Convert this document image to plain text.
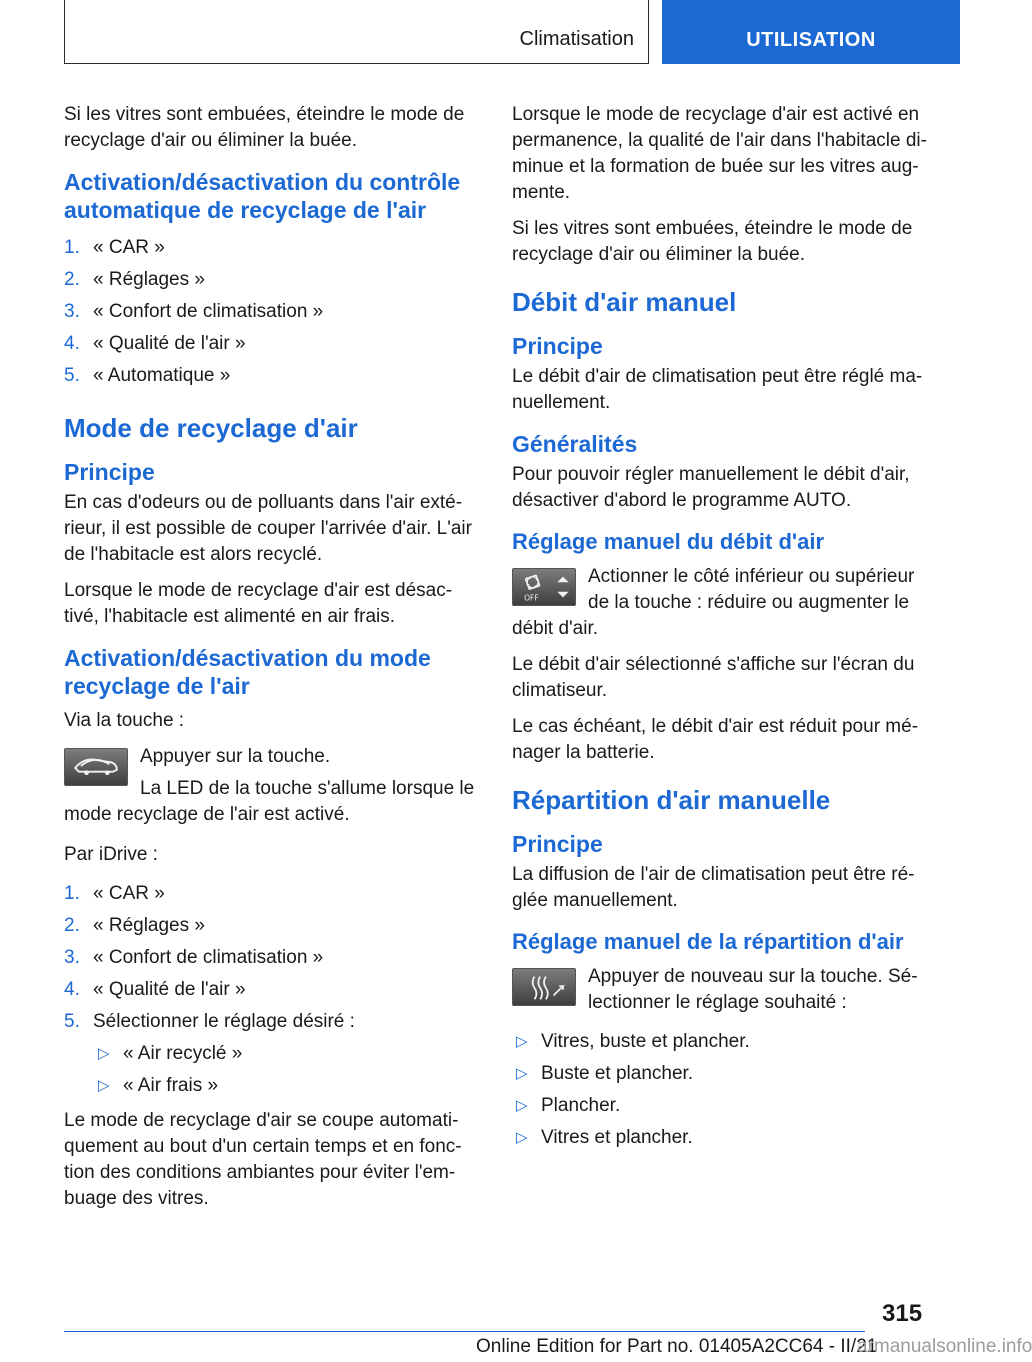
Climatisation	UTILISATION

Si les vitres sont embuées, éteindre le mode de recyclage d'air ou éliminer la buée.

Activation/désactivation du contrôle automatique de recyclage de l'air
1. « CAR »
2. « Réglages »
3. « Confort de climatisation »
4. « Qualité de l'air »
5. « Automatique »
Mode de recyclage d'air
Principe

En cas d'odeurs ou de polluants dans l'air exté-rieur, il est possible de couper l'arrivée d'air. L'air de l'habitacle est alors recyclé.

Lorsque le mode de recyclage d'air est désac-tivé, l'habitacle est alimenté en air frais.

Activation/désactivation du mode recyclage de l'air

Via la touche :

Appuyer sur la touche.

La LED de la touche s'allume lorsque le mode recyclage de l'air est activé.

Par iDrive :

1. « CAR »
2. « Réglages »
3. « Confort de climatisation »
4. « Qualité de l'air »
5. Sélectionner le réglage désiré :
▷ « Air recyclé »
▷ « Air frais »

Le mode de recyclage d'air se coupe automati-quement au bout d'un certain temps et en fonc-tion des conditions ambiantes pour éviter l'em-buage des vitres.

Lorsque le mode de recyclage d'air est activé en permanence, la qualité de l'air dans l'habitacle di-minue et la formation de buée sur les vitres aug-mente.

Si les vitres sont embuées, éteindre le mode de recyclage d'air ou éliminer la buée.

Débit d'air manuel
Principe

Le débit d'air de climatisation peut être réglé ma-nuellement.

Généralités

Pour pouvoir régler manuellement le débit d'air, désactiver d'abord le programme AUTO.

Réglage manuel du débit d'air
OFF

Actionner le côté inférieur ou supérieur de la touche : réduire ou augmenter le débit d'air.

Le débit d'air sélectionné s'affiche sur l'écran du climatiseur.

Le cas échéant, le débit d'air est réduit pour mé-nager la batterie.

Répartition d'air manuelle
Principe

La diffusion de l'air de climatisation peut être ré-glée manuellement.

Réglage manuel de la répartition d'air

Appuyer de nouveau sur la touche. Sé-lectionner le réglage souhaité :

▷ Vitres, buste et plancher.
▷ Buste et plancher.
▷ Plancher.
▷ Vitres et plancher.
315
Online Edition for Part no. 01405A2CC64 - II/21
armanualsonline.info
